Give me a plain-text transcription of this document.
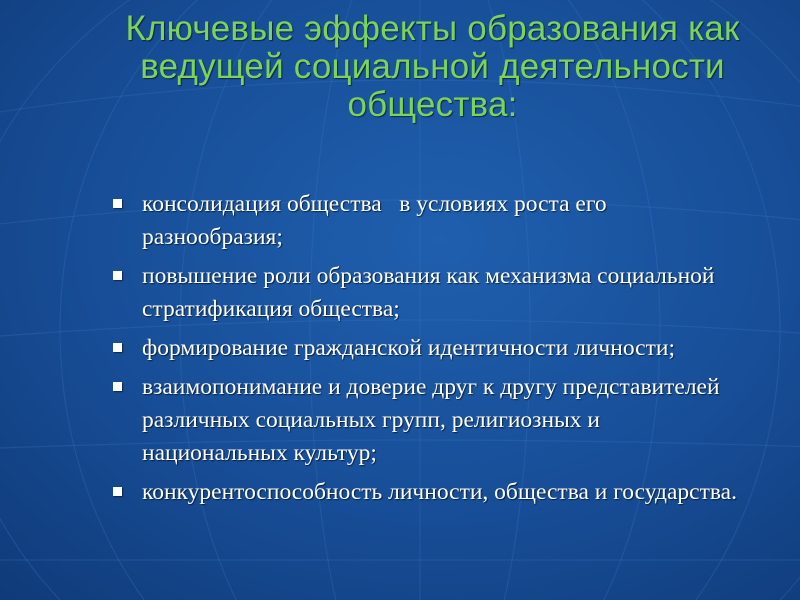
Ключевые эффекты образования как ведущей социальной деятельности общества:
консолидация общества   в условиях роста его разнообразия;
повышение роли образования как механизма социальной стратификация общества;
формирование гражданской идентичности личности;
взаимопонимание и доверие друг к другу представителей различных социальных групп, религиозных и национальных культур;
конкурентоспособность личности, общества и государства.
